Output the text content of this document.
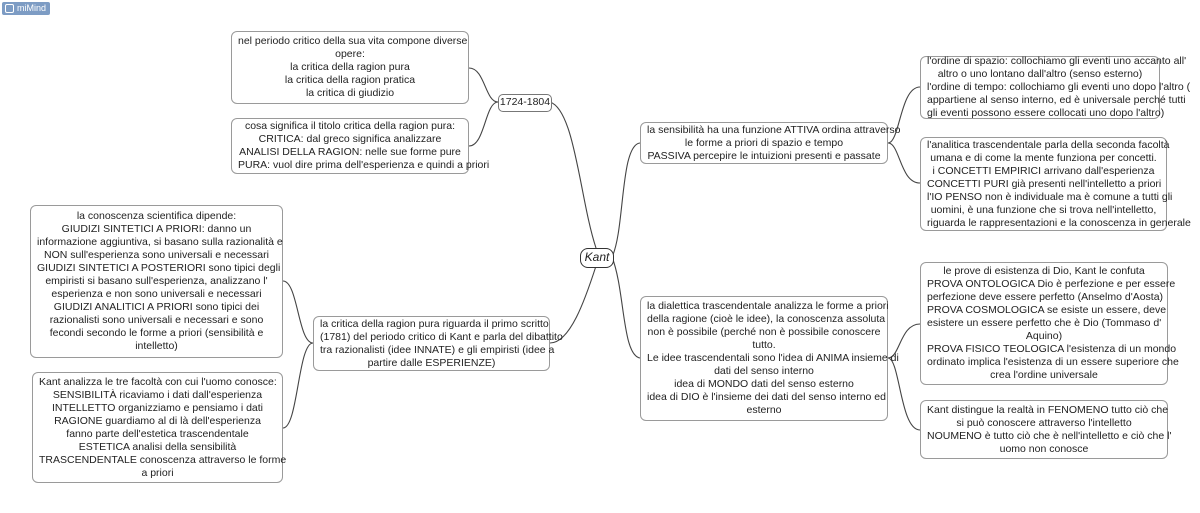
miMind
Kant
1724-1804
nel periodo critico della sua vita compone diverse
opere:
la critica della ragion pura
la critica della ragion pratica
la critica di giudizio
cosa significa il titolo critica della ragion pura:
CRITICA: dal greco significa analizzare
ANALISI DELLA RAGION: nelle sue forme pure
PURA: vuol dire prima dell'esperienza e quindi a priori
la conoscenza scientifica dipende:
GIUDIZI SINTETICI A PRIORI: danno un
informazione aggiuntiva, si basano sulla razionalità e
NON sull'esperienza sono universali e necessari
GIUDIZI SINTETICI A POSTERIORI sono tipici degli
empiristi si basano sull'esperienza, analizzano l'
esperienza e non sono universali e necessari
GIUDIZI ANALITICI A PRIORI sono tipici dei
razionalisti sono universali e necessari e sono
fecondi secondo le forme a priori (sensibilità e
intelletto)
Kant analizza le tre facoltà con cui l'uomo conosce:
SENSIBILITÀ ricaviamo i dati dall'esperienza
INTELLETTO organizziamo e pensiamo i dati
RAGIONE guardiamo al di là dell'esperienza
fanno parte dell'estetica trascendentale
ESTETICA analisi della sensibilità
TRASCENDENTALE conoscenza attraverso le forme
a priori
la critica della ragion pura riguarda il primo scritto
(1781) del periodo critico di Kant e parla del dibattito
tra razionalisti (idee INNATE) e gli empiristi (idee a
partire dalle ESPERIENZE)
la sensibilità ha una funzione ATTIVA ordina attraverso
le forme a priori di spazio e tempo
PASSIVA percepire le intuizioni presenti e passate
l'ordine di spazio: collochiamo gli eventi uno accanto all'
altro o uno lontano dall'altro (senso esterno)
l'ordine di tempo: collochiamo gli eventi uno dopo l'altro (
appartiene al senso interno, ed è universale perché tutti
gli eventi possono essere collocati uno dopo l'altro)
l'analitica trascendentale parla della seconda facoltà
umana e di come la mente funziona per concetti.
i CONCETTI EMPIRICI arrivano dall'esperienza
CONCETTI PURI già presenti nell'intelletto a priori
l'IO PENSO non è individuale ma è comune a tutti gli
uomini, è una funzione che si trova nell'intelletto,
riguarda le rappresentazioni e la conoscenza in generale
la dialettica trascendentale analizza le forme a priori
della ragione (cioè le idee), la conoscenza assoluta
non è possibile (perché non è possibile conoscere
tutto.
Le idee trascendentali sono l'idea di ANIMA insieme di
dati del senso interno
idea di MONDO dati del senso esterno
idea di DIO è l'insieme dei dati del senso interno ed
esterno
le prove di esistenza di Dio, Kant le confuta
PROVA ONTOLOGICA Dio è perfezione e per essere
perfezione deve essere perfetto (Anselmo d'Aosta)
PROVA COSMOLOGICA se esiste un essere, deve
esistere un essere perfetto che è Dio (Tommaso d'
Aquino)
PROVA FISICO TEOLOGICA l'esistenza di un mondo
ordinato implica l'esistenza di un essere superiore che
crea l'ordine universale
Kant distingue la realtà in FENOMENO tutto ciò che
si può conoscere attraverso l'intelletto
NOUMENO è tutto ciò che è nell'intelletto e ciò che l'
uomo non conosce
